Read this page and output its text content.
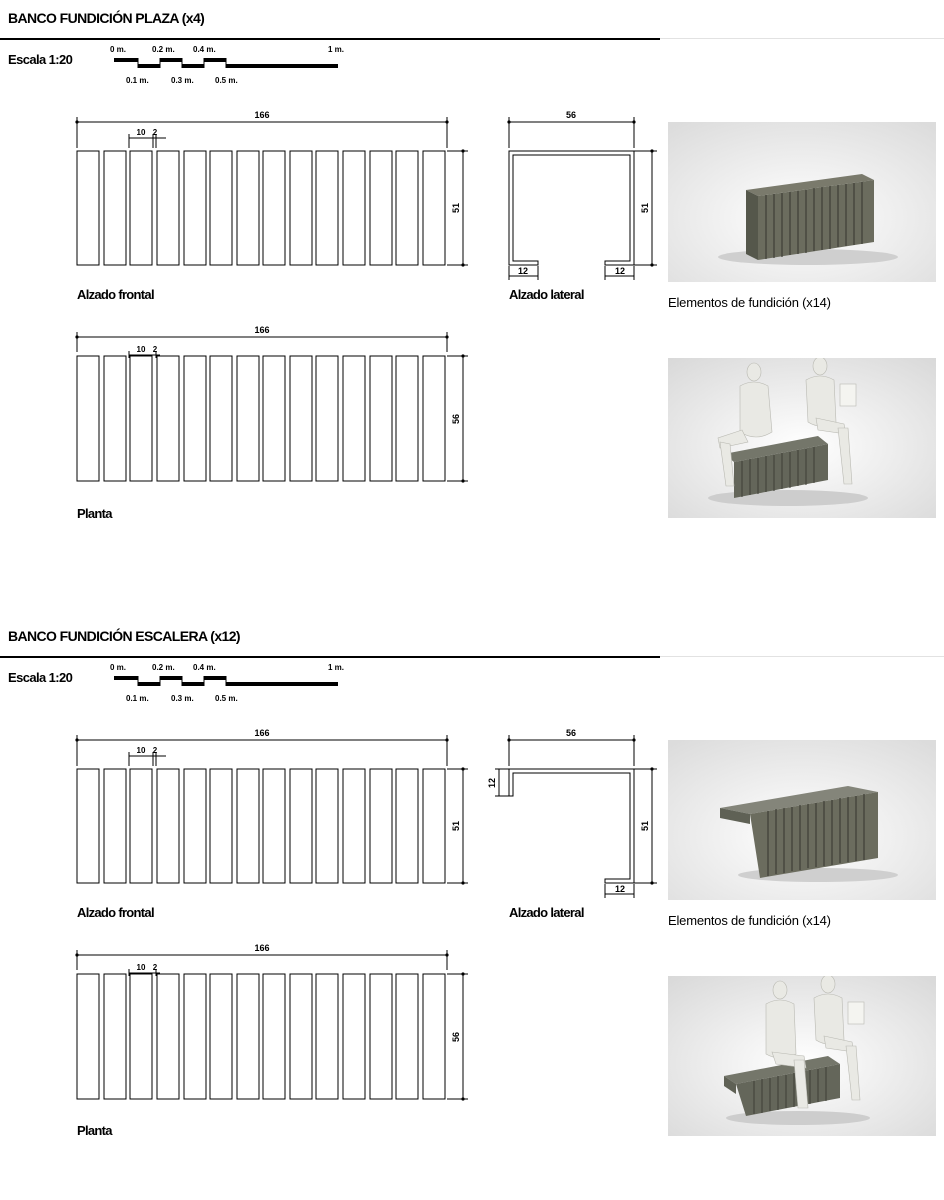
BANCO FUNDICIÓN PLAZA (x4)
Escala 1:20
0 m.	0.2 m. 0.4 m.	1 m.
0.1 m.	0.3 m.	0.5 m.
166
10 2
51
56
51
12	12
166
10 2
56
Alzado frontal	Alzado lateral
Planta
Elementos de fundición (x14)
BANCO FUNDICIÓN ESCALERA (x12)
Escala 1:20
0 m.	0.2 m. 0.4 m.	1 m.
0.1 m.	0.3 m.	0.5 m.
166
10 2
51
56
12
51
12
166
10 2
56
Alzado frontal	Alzado lateral
Planta
Elementos de fundición (x14)
